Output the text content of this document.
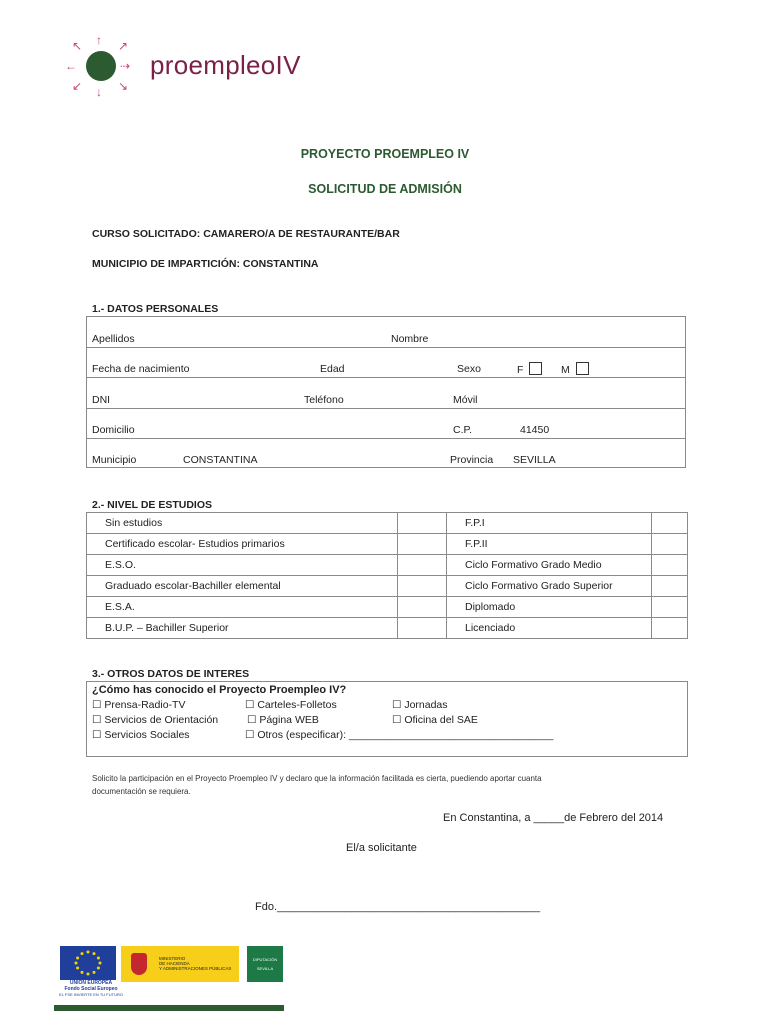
↑
↖	↗
←	⇢
↙ ↓ ↘
proempleoIV
PROYECTO PROEMPLEO IV
SOLICITUD DE ADMISIÓN
CURSO SOLICITADO: CAMARERO/A DE RESTAURANTE/BAR
MUNICIPIO DE IMPARTICIÓN: CONSTANTINA
1.- DATOS PERSONALES
Apellidos	Nombre
Fecha de nacimiento	Edad	Sexo	F	M
DNI	Teléfono	Móvil
Domicilio	C.P.	41450
Municipio	CONSTANTINA	Provincia SEVILLA
2.- NIVEL DE ESTUDIOS
Sin estudios		F.P.I	
Certificado escolar- Estudios primarios		F.P.II	
E.S.O.		Ciclo Formativo Grado Medio	
Graduado escolar-Bachiller elemental		Ciclo Formativo Grado Superior	
E.S.A.		Diplomado	
B.U.P. – Bachiller Superior		Licenciado	
3.- OTROS DATOS DE INTERES
¿Cómo has conocido el Proyecto Proempleo IV?
☐ Prensa-Radio-TV	☐ Carteles-Folletos	☐ Jornadas
☐ Servicios de Orientación	☐ Página WEB	☐ Oficina del SAE
☐ Servicios Sociales	☐ Otros (especificar): ___________________________________
Solicito la participación en el Proyecto Proempleo IV y declaro que la información facilitada es cierta, puediendo aportar cuanta
documentación se requiera.
En Constantina, a _____de Febrero del 2014
El/a solicitante
Fdo.___________________________________________
UNIÓN EUROPEA
Fondo Social Europeo
EL FSE INVIERTE EN TU FUTURO
MINISTERIO
DE HACIENDA
Y ADMINISTRACIONES PÚBLICAS
DIPUTACIÓN
SEVILLA
